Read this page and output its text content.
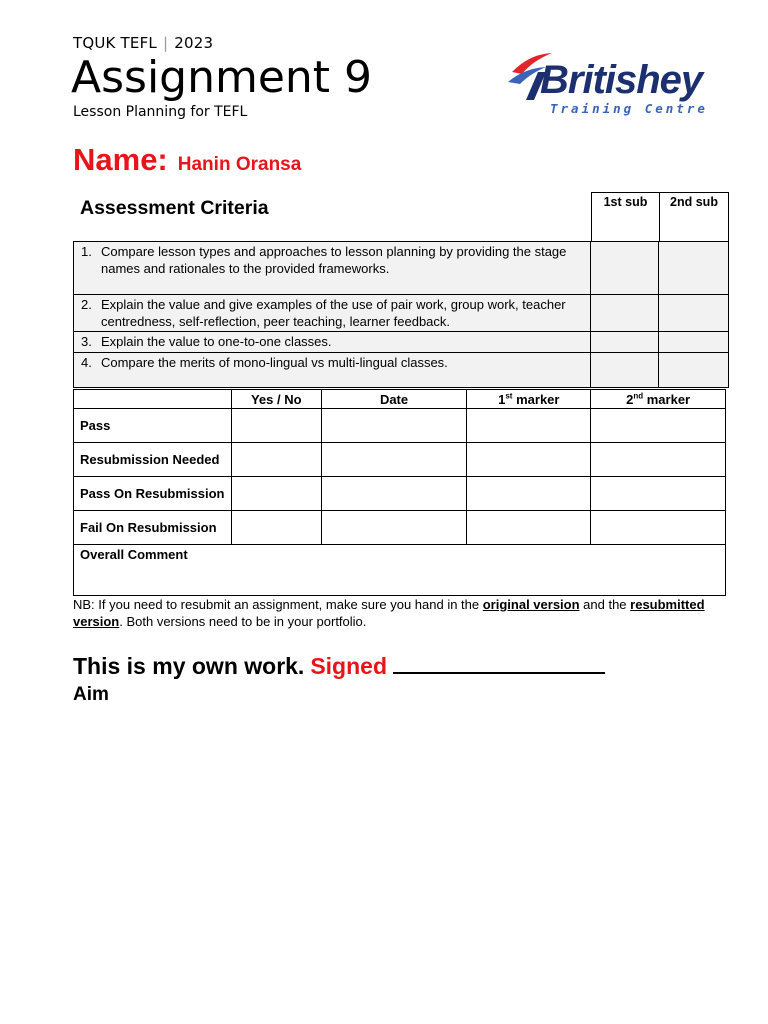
TQUK TEFL | 2023
Assignment 9
Lesson Planning for TEFL
Britishey
Training Centre
Name: Hanin Oransa
Assessment Criteria	1st sub	2nd sub
1.	Compare lesson types and approaches to lesson planning by providing the stage names and rationales to the provided frameworks.		
2.	Explain the value and give examples of the use of pair work, group work, teacher centredness, self-reflection, peer teaching, learner feedback.		
3.	Explain the value to one-to-one classes.		
4.	Compare the merits of mono-lingual vs multi-lingual classes.		
	Yes / No	Date	1st marker	2nd marker
Pass				
Resubmission Needed				
Pass On Resubmission				
Fail On Resubmission				
Overall Comment				
NB: If you need to resubmit an assignment, make sure you hand in the original version and the resubmitted version. Both versions need to be in your portfolio.
This is my own work. Signed
Aim
